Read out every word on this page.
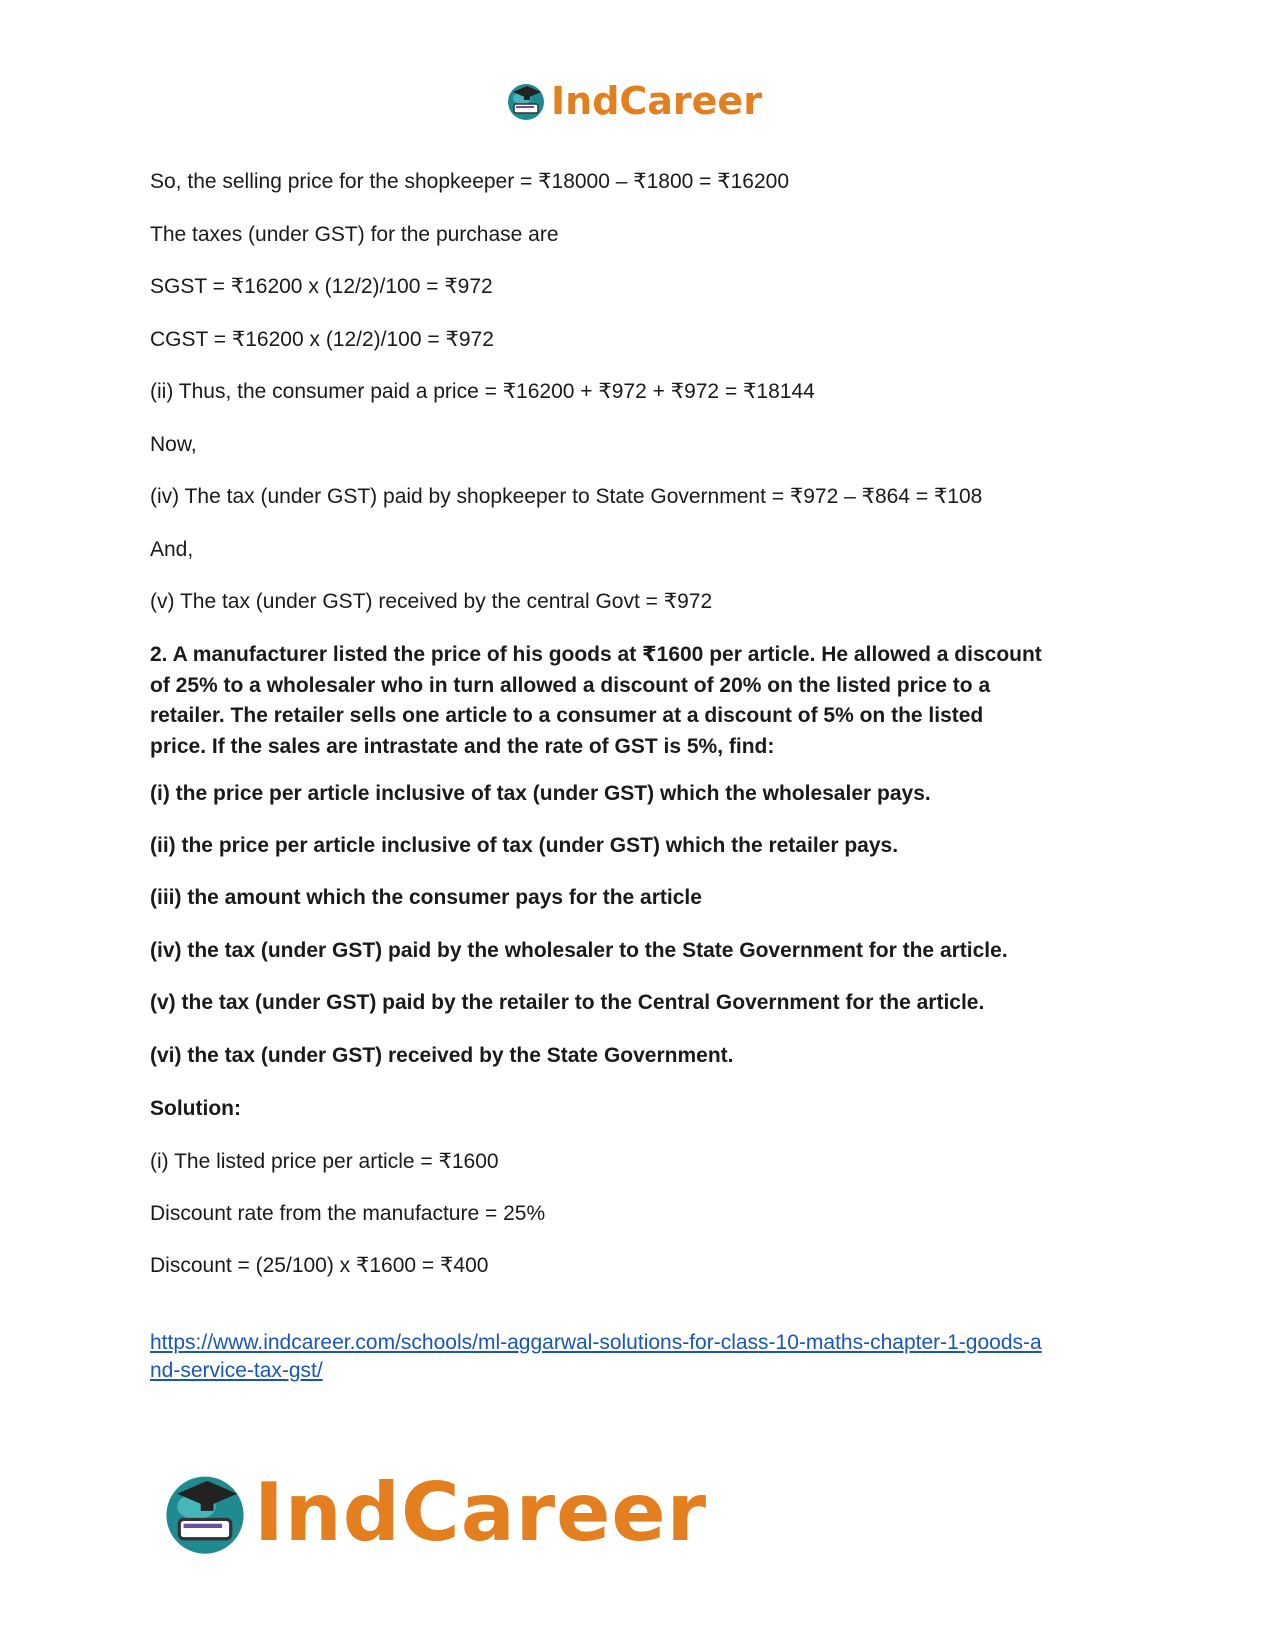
IndCareer
So, the selling price for the shopkeeper = ₹18000 – ₹1800 = ₹16200
The taxes (under GST) for the purchase are
SGST = ₹16200 x (12/2)/100 = ₹972
CGST = ₹16200 x (12/2)/100 = ₹972
(ii) Thus, the consumer paid a price = ₹16200 + ₹972 + ₹972 = ₹18144
Now,
(iv) The tax (under GST) paid by shopkeeper to State Government = ₹972 – ₹864 = ₹108
And,
(v) The tax (under GST) received by the central Govt = ₹972
2. A manufacturer listed the price of his goods at ₹1600 per article. He allowed a discount
of 25% to a wholesaler who in turn allowed a discount of 20% on the listed price to a
retailer. The retailer sells one article to a consumer at a discount of 5% on the listed
price. If the sales are intrastate and the rate of GST is 5%, find:
(i) the price per article inclusive of tax (under GST) which the wholesaler pays.
(ii) the price per article inclusive of tax (under GST) which the retailer pays.
(iii) the amount which the consumer pays for the article
(iv) the tax (under GST) paid by the wholesaler to the State Government for the article.
(v) the tax (under GST) paid by the retailer to the Central Government for the article.
(vi) the tax (under GST) received by the State Government.
Solution:
(i) The listed price per article = ₹1600
Discount rate from the manufacture = 25%
Discount = (25/100) x ₹1600 = ₹400
https://www.indcareer.com/schools/ml-aggarwal-solutions-for-class-10-maths-chapter-1-goods-a
nd-service-tax-gst/
IndCareer
